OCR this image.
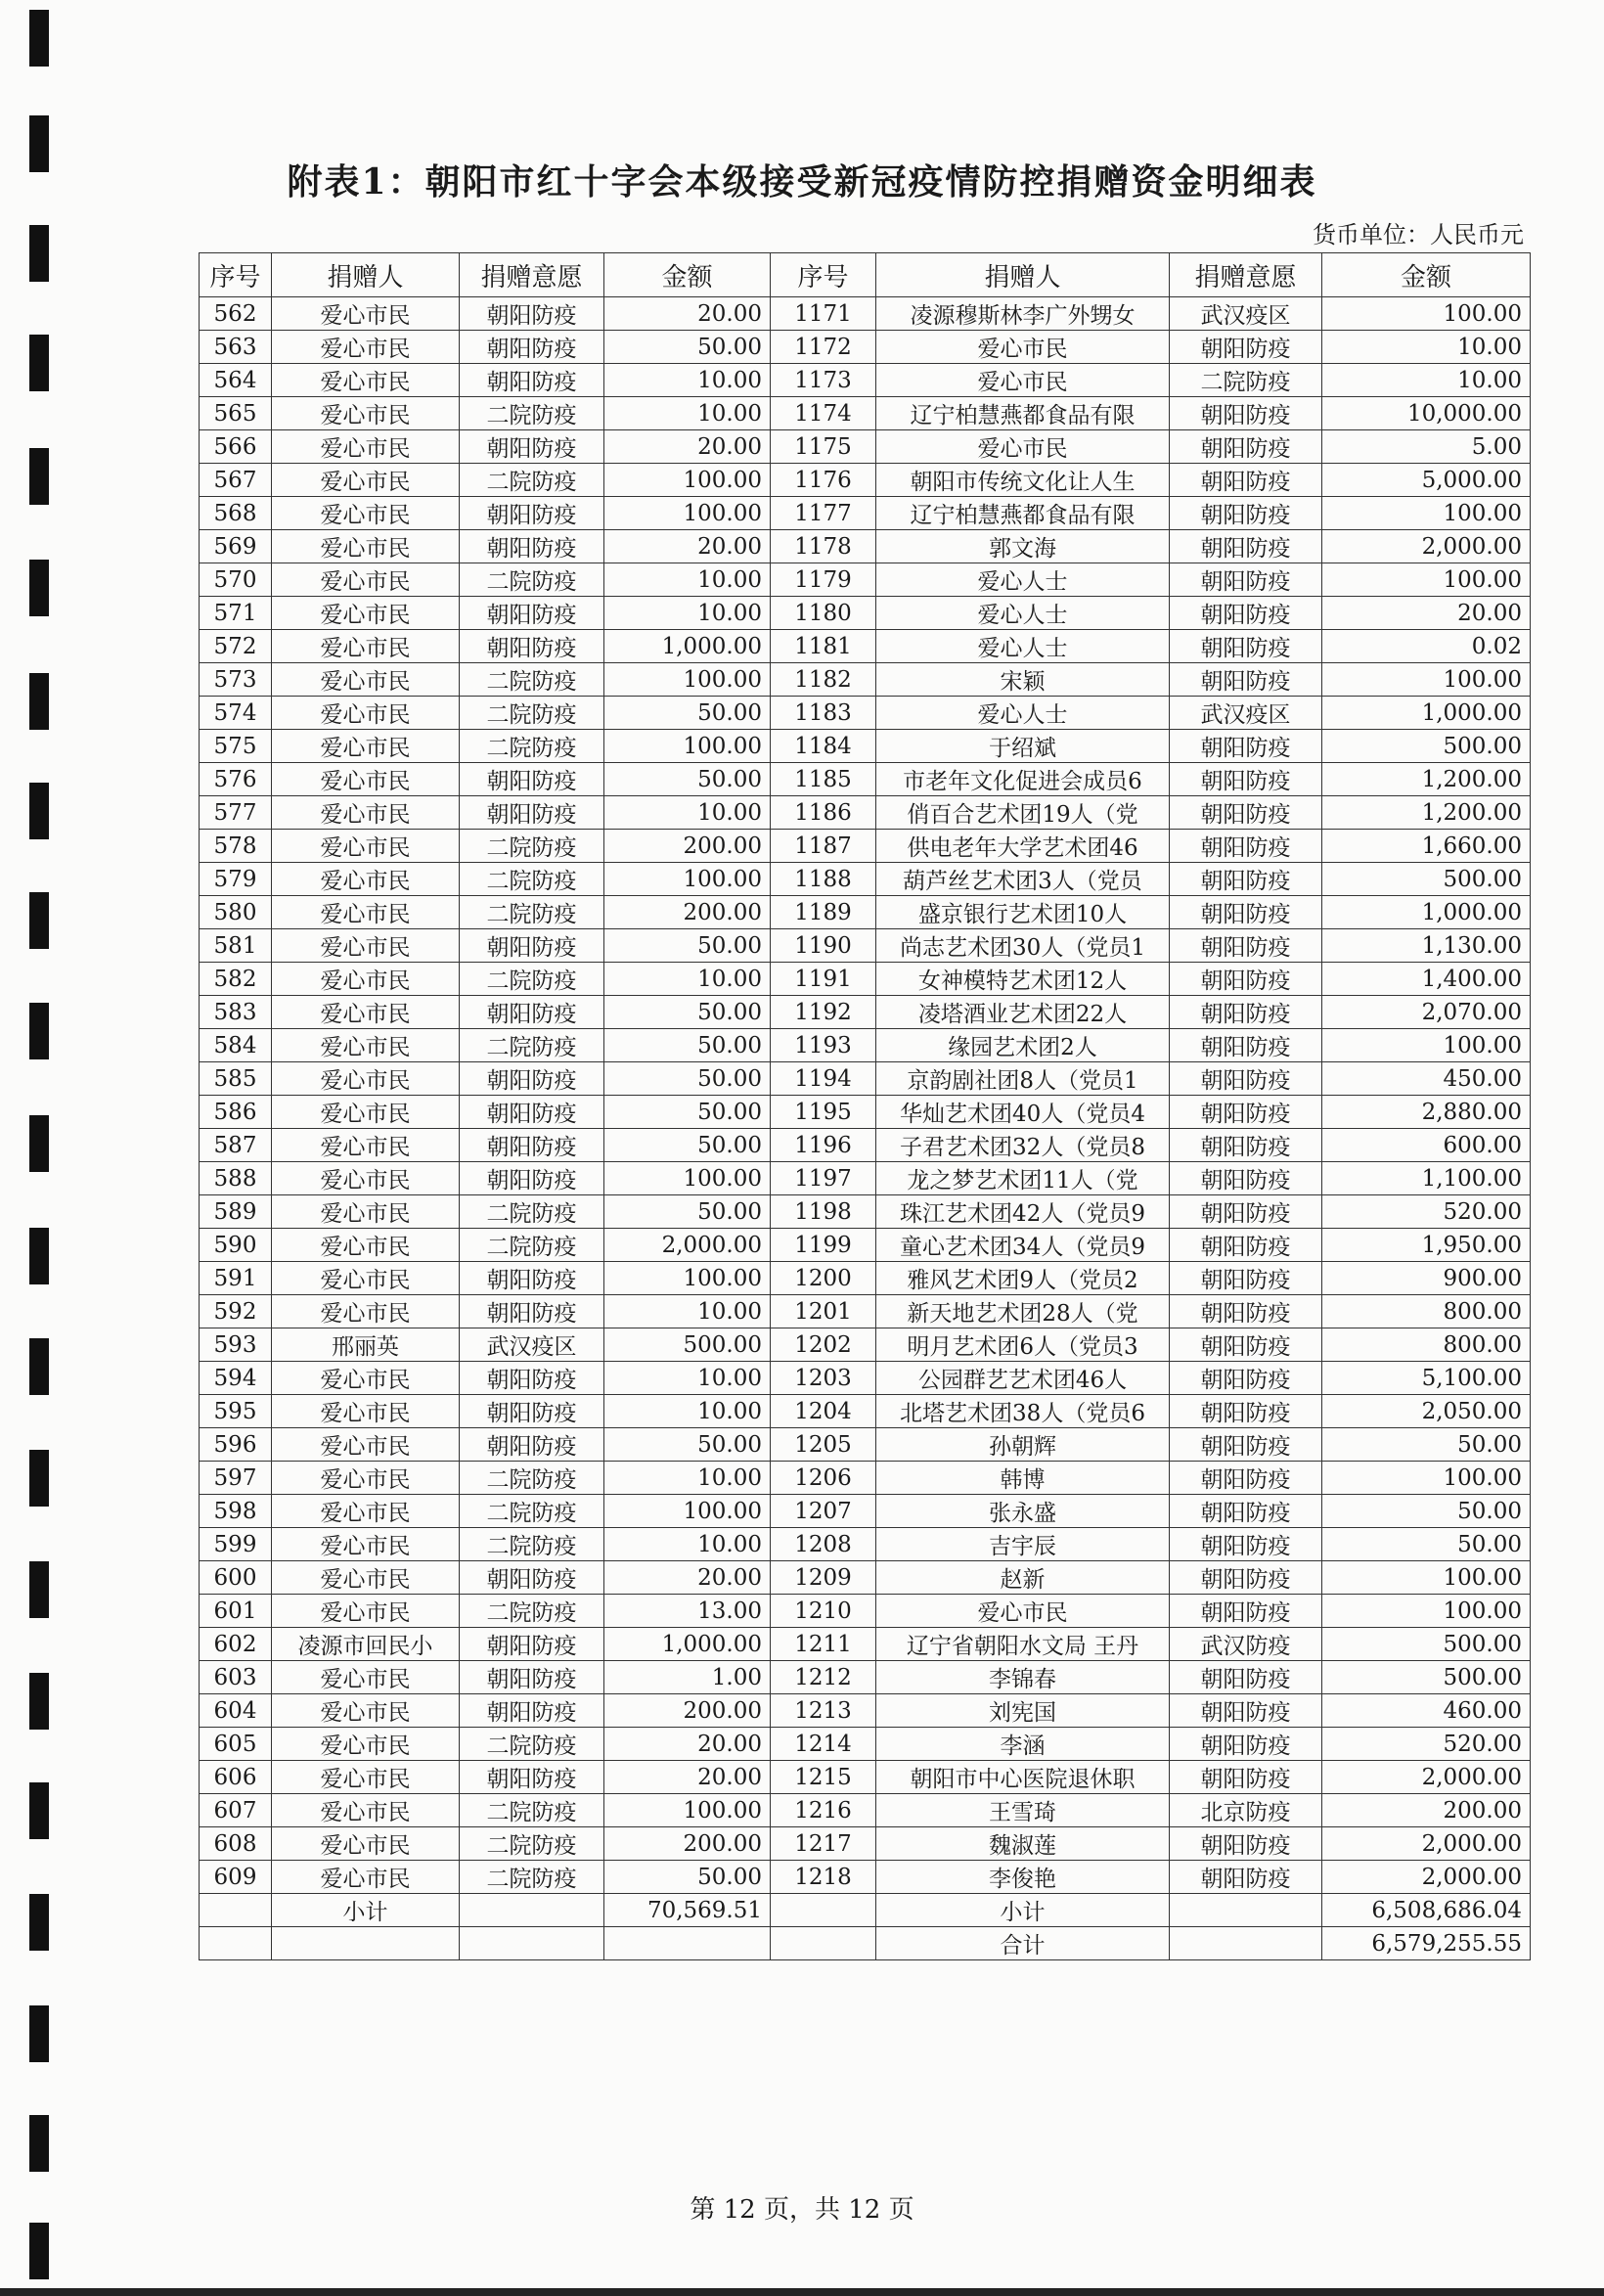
附表1：朝阳市红十字会本级接受新冠疫情防控捐赠资金明细表
货币单位：人民币元
序号	捐赠人	捐赠意愿	金额	序号	捐赠人	捐赠意愿	金额
562	爱心市民	朝阳防疫	20.00	1171	凌源穆斯林李广外甥女	武汉疫区	100.00
563	爱心市民	朝阳防疫	50.00	1172	爱心市民	朝阳防疫	10.00
564	爱心市民	朝阳防疫	10.00	1173	爱心市民	二院防疫	10.00
565	爱心市民	二院防疫	10.00	1174	辽宁柏慧燕都食品有限	朝阳防疫	10,000.00
566	爱心市民	朝阳防疫	20.00	1175	爱心市民	朝阳防疫	5.00
567	爱心市民	二院防疫	100.00	1176	朝阳市传统文化让人生	朝阳防疫	5,000.00
568	爱心市民	朝阳防疫	100.00	1177	辽宁柏慧燕都食品有限	朝阳防疫	100.00
569	爱心市民	朝阳防疫	20.00	1178	郭文海	朝阳防疫	2,000.00
570	爱心市民	二院防疫	10.00	1179	爱心人士	朝阳防疫	100.00
571	爱心市民	朝阳防疫	10.00	1180	爱心人士	朝阳防疫	20.00
572	爱心市民	朝阳防疫	1,000.00	1181	爱心人士	朝阳防疫	0.02
573	爱心市民	二院防疫	100.00	1182	宋颖	朝阳防疫	100.00
574	爱心市民	二院防疫	50.00	1183	爱心人士	武汉疫区	1,000.00
575	爱心市民	二院防疫	100.00	1184	于绍斌	朝阳防疫	500.00
576	爱心市民	朝阳防疫	50.00	1185	市老年文化促进会成员6	朝阳防疫	1,200.00
577	爱心市民	朝阳防疫	10.00	1186	俏百合艺术团19人（党	朝阳防疫	1,200.00
578	爱心市民	二院防疫	200.00	1187	供电老年大学艺术团46	朝阳防疫	1,660.00
579	爱心市民	二院防疫	100.00	1188	葫芦丝艺术团3人（党员	朝阳防疫	500.00
580	爱心市民	二院防疫	200.00	1189	盛京银行艺术团10人	朝阳防疫	1,000.00
581	爱心市民	朝阳防疫	50.00	1190	尚志艺术团30人（党员1	朝阳防疫	1,130.00
582	爱心市民	二院防疫	10.00	1191	女神模特艺术团12人	朝阳防疫	1,400.00
583	爱心市民	朝阳防疫	50.00	1192	凌塔酒业艺术团22人	朝阳防疫	2,070.00
584	爱心市民	二院防疫	50.00	1193	缘园艺术团2人	朝阳防疫	100.00
585	爱心市民	朝阳防疫	50.00	1194	京韵剧社团8人（党员1	朝阳防疫	450.00
586	爱心市民	朝阳防疫	50.00	1195	华灿艺术团40人（党员4	朝阳防疫	2,880.00
587	爱心市民	朝阳防疫	50.00	1196	子君艺术团32人（党员8	朝阳防疫	600.00
588	爱心市民	朝阳防疫	100.00	1197	龙之梦艺术团11人（党	朝阳防疫	1,100.00
589	爱心市民	二院防疫	50.00	1198	珠江艺术团42人（党员9	朝阳防疫	520.00
590	爱心市民	二院防疫	2,000.00	1199	童心艺术团34人（党员9	朝阳防疫	1,950.00
591	爱心市民	朝阳防疫	100.00	1200	雅风艺术团9人（党员2	朝阳防疫	900.00
592	爱心市民	朝阳防疫	10.00	1201	新天地艺术团28人（党	朝阳防疫	800.00
593	邢丽英	武汉疫区	500.00	1202	明月艺术团6人（党员3	朝阳防疫	800.00
594	爱心市民	朝阳防疫	10.00	1203	公园群艺艺术团46人	朝阳防疫	5,100.00
595	爱心市民	朝阳防疫	10.00	1204	北塔艺术团38人（党员6	朝阳防疫	2,050.00
596	爱心市民	朝阳防疫	50.00	1205	孙朝辉	朝阳防疫	50.00
597	爱心市民	二院防疫	10.00	1206	韩博	朝阳防疫	100.00
598	爱心市民	二院防疫	100.00	1207	张永盛	朝阳防疫	50.00
599	爱心市民	二院防疫	10.00	1208	吉宇辰	朝阳防疫	50.00
600	爱心市民	朝阳防疫	20.00	1209	赵新	朝阳防疫	100.00
601	爱心市民	二院防疫	13.00	1210	爱心市民	朝阳防疫	100.00
602	凌源市回民小	朝阳防疫	1,000.00	1211	辽宁省朝阳水文局 王丹	武汉防疫	500.00
603	爱心市民	朝阳防疫	1.00	1212	李锦春	朝阳防疫	500.00
604	爱心市民	朝阳防疫	200.00	1213	刘宪国	朝阳防疫	460.00
605	爱心市民	二院防疫	20.00	1214	李涵	朝阳防疫	520.00
606	爱心市民	朝阳防疫	20.00	1215	朝阳市中心医院退休职	朝阳防疫	2,000.00
607	爱心市民	二院防疫	100.00	1216	王雪琦	北京防疫	200.00
608	爱心市民	二院防疫	200.00	1217	魏淑莲	朝阳防疫	2,000.00
609	爱心市民	二院防疫	50.00	1218	李俊艳	朝阳防疫	2,000.00
	小计		70,569.51		小计		6,508,686.04
					合计		6,579,255.55
第 12 页，共 12 页
